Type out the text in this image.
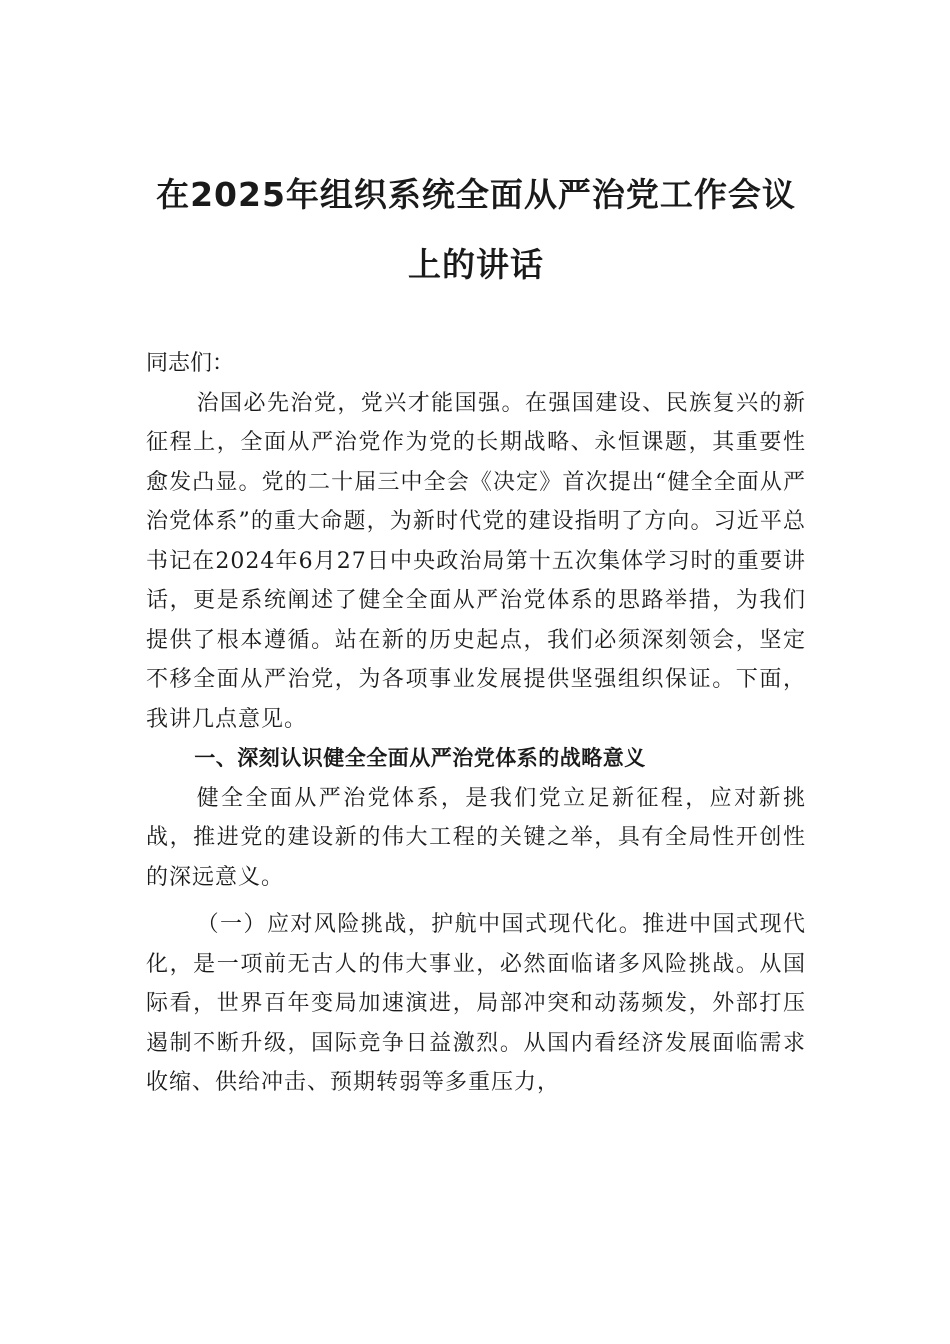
在2025年组织系统全面从严治党工作会议
上的讲话

同志们：

治国必先治党，党兴才能国强。在强国建设、民族复兴的新征程上，全面从严治党作为党的长期战略、永恒课题，其重要性愈发凸显。党的二十届三中全会《决定》首次提出“健全全面从严治党体系”的重大命题，为新时代党的建设指明了方向。习近平总书记在2024年6月27日中央政治局第十五次集体学习时的重要讲话，更是系统阐述了健全全面从严治党体系的思路举措，为我们提供了根本遵循。站在新的历史起点，我们必须深刻领会，坚定不移全面从严治党，为各项事业发展提供坚强组织保证。下面，我讲几点意见。

一、深刻认识健全全面从严治党体系的战略意义

健全全面从严治党体系，是我们党立足新征程，应对新挑战，推进党的建设新的伟大工程的关键之举，具有全局性开创性的深远意义。

（一）应对风险挑战，护航中国式现代化。推进中国式现代化，是一项前无古人的伟大事业，必然面临诸多风险挑战。从国际看，世界百年变局加速演进，局部冲突和动荡频发，外部打压遏制不断升级，国际竞争日益激烈。从国内看经济发展面临需求收缩、供给冲击、预期转弱等多重压力，
